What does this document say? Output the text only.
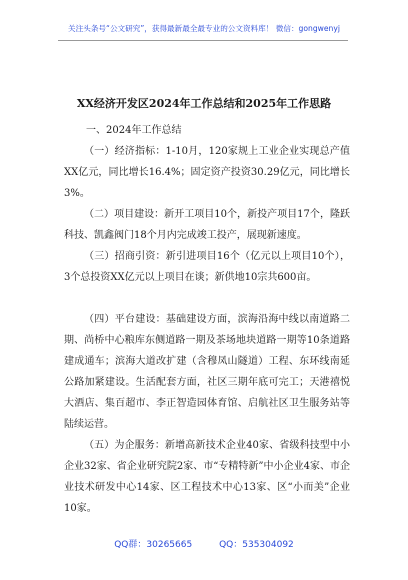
关注头条号“公文研究”，获得最新最全最专业的公文资料库！ 微信：gongwenyj
XX经济开发区2024年工作总结和2025年工作思路
一、2024年工作总结
（一）经济指标：1-10月，120家规上工业企业实现总产值XX亿元，同比增长16.4%；固定资产投资30.29亿元，同比增长3%。
（二）项目建设：新开工项目10个，新投产项目17个，隆跃科技、凯鑫阀门18个月内完成竣工投产，展现新速度。
（三）招商引资：新引进项目16个（亿元以上项目10个），3个总投资XX亿元以上项目在谈；新供地10宗共600亩。
（四）平台建设：基础建设方面，滨海沿海中线以南道路二期、尚桥中心粮库东侧道路一期及茶场地块道路一期等10条道路建成通车；滨海大道改扩建（含穆凤山隧道）工程、东环线南延公路加紧建设。生活配套方面，社区三期年底可完工；天港禧悦大酒店、集百超市、李正智造园体育馆、启航社区卫生服务站等陆续运营。
（五）为企服务：新增高新技术企业40家、省级科技型中小企业32家、省企业研究院2家、市“专精特新”中小企业4家、市企业技术研发中心14家、区工程技术中心13家、区“小而美”企业10家。
QQ群：30265665	QQ：535304092
